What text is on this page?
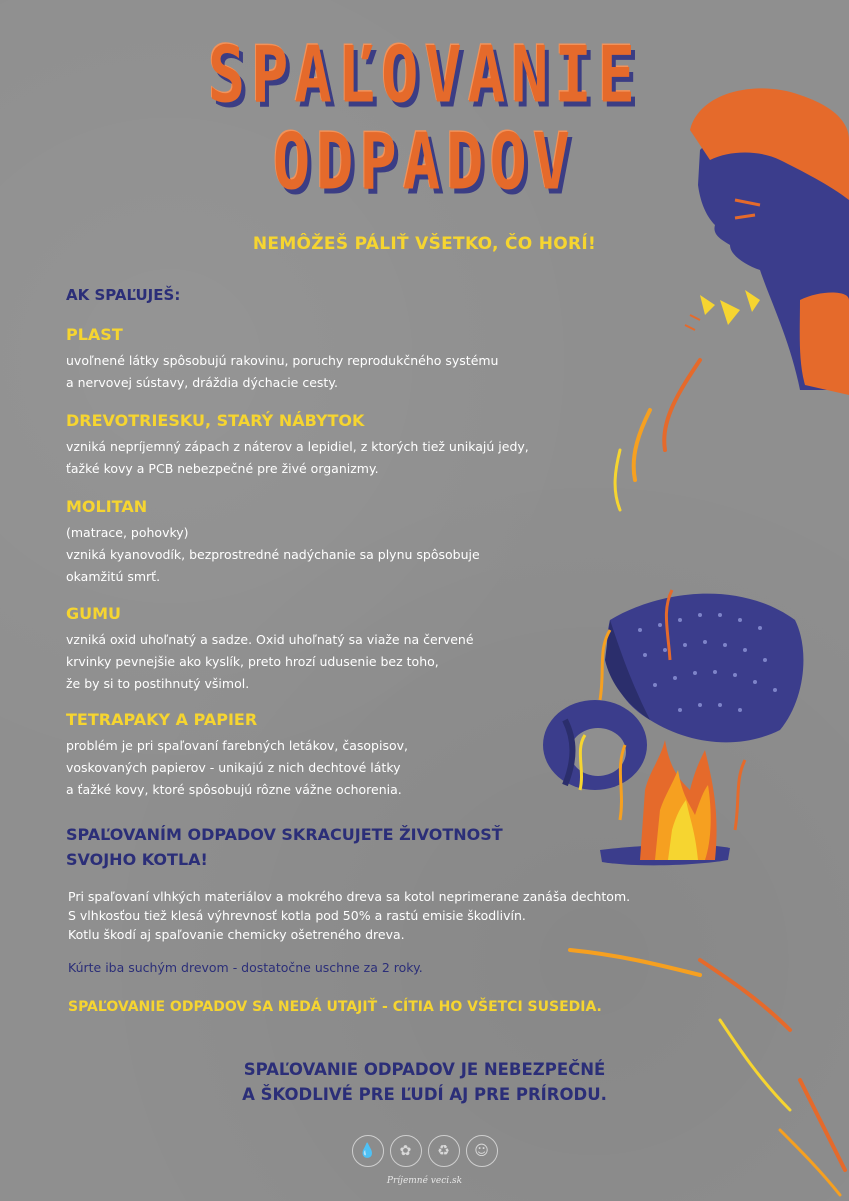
SPAĽOVANIE
ODPADOV
NEMÔŽEŠ PÁLIŤ VŠETKO, ČO HORÍ!
AK SPAĽUJEŠ:
PLAST
uvoľnené látky spôsobujú rakovinu, poruchy reprodukčného systému
a nervovej sústavy, dráždia dýchacie cesty.
DREVOTRIESKU, STARÝ NÁBYTOK
vzniká nepríjemný zápach z náterov a lepidiel, z ktorých tiež unikajú jedy,
ťažké kovy a PCB nebezpečné pre živé organizmy.
MOLITAN
(matrace, pohovky)
vzniká kyanovodík, bezprostredné nadýchanie sa plynu spôsobuje
okamžitú smrť.
GUMU
vzniká oxid uhoľnatý a sadze. Oxid uhoľnatý sa viaže na červené
krvinky pevnejšie ako kyslík, preto hrozí udusenie bez toho,
že by si to postihnutý všimol.
TETRAPAKY A PAPIER
problém je pri spaľovaní farebných letákov, časopisov,
voskovaných papierov - unikajú z nich dechtové látky
a ťažké kovy, ktoré spôsobujú rôzne vážne ochorenia.
SPAĽOVANÍM ODPADOV SKRACUJETE ŽIVOTNOSŤ
SVOJHO KOTLA!
Pri spaľovaní vlhkých materiálov a mokrého dreva sa kotol neprimerane zanáša dechtom.
S vlhkosťou tiež klesá výhrevnosť kotla pod 50% a rastú emisie škodlivín.
Kotlu škodí aj spaľovanie chemicky ošetreného dreva.
Kúrte iba suchým drevom - dostatočne uschne za 2 roky.
SPAĽOVANIE ODPADOV SA NEDÁ UTAJIŤ - CÍTIA HO VŠETCI SUSEDIA.
SPAĽOVANIE ODPADOV JE NEBEZPEČNÉ
A ŠKODLIVÉ PRE ĽUDÍ AJ PRE PRÍRODU.
💧	✿	♻	☺
Príjemné veci.sk
